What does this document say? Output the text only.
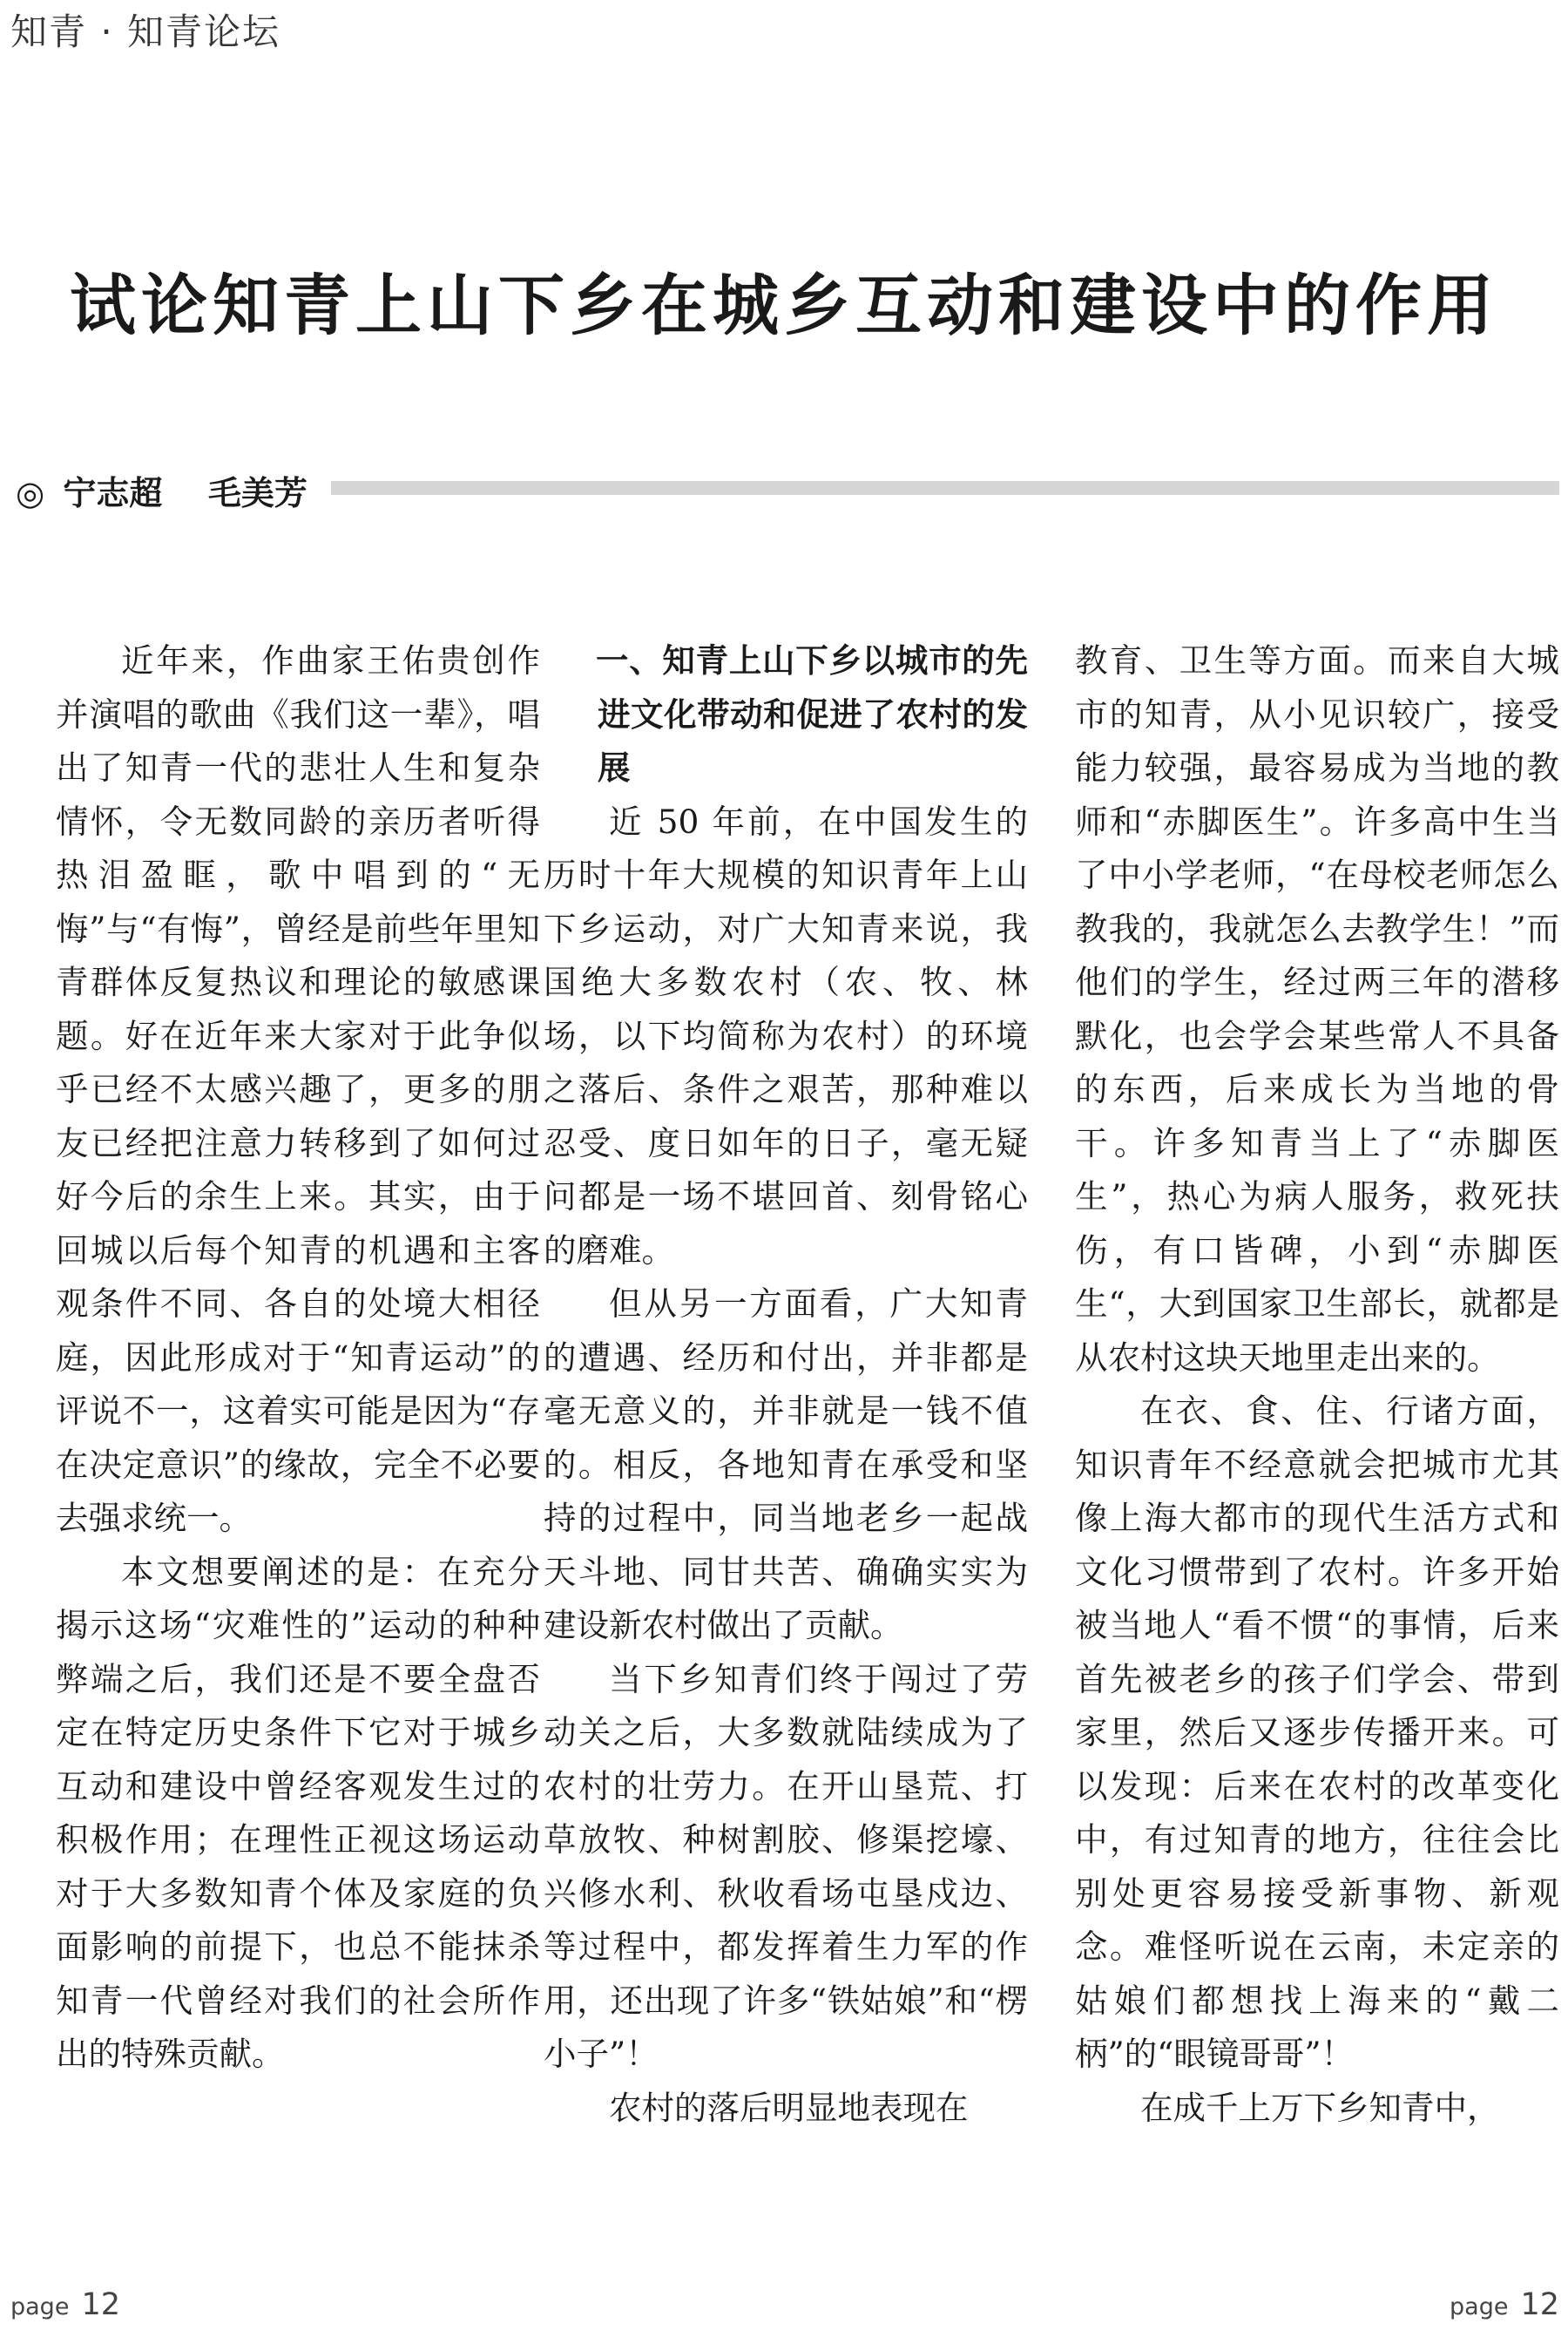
知青 · 知青论坛
试论知青上山下乡在城乡互动和建设中的作用
◎ 宁志超 毛美芳

近年来，作曲家王佑贵创作并演唱的歌曲《我们这一辈》，唱出了知青一代的悲壮人生和复杂情怀，令无数同龄的亲历者听得热泪盈眶，歌中唱到的“无悔”与“有悔”，曾经是前些年里知青群体反复热议和理论的敏感课题。好在近年来大家对于此争似乎已经不太感兴趣了，更多的朋友已经把注意力转移到了如何过好今后的余生上来。其实，由于回城以后每个知青的机遇和主客观条件不同、各自的处境大相径庭，因此形成对于“知青运动”的评说不一，这着实可能是因为“存在决定意识”的缘故，完全不必要去强求统一。

本文想要阐述的是：在充分揭示这场“灾难性的”运动的种种弊端之后，我们还是不要全盘否定在特定历史条件下它对于城乡互动和建设中曾经客观发生过的积极作用；在理性正视这场运动对于大多数知青个体及家庭的负面影响的前提下，也总不能抹杀知青一代曾经对我们的社会所作出的特殊贡献。

一、知青上山下乡以城市的先进文化带动和促进了农村的发展

近 50 年前，在中国发生的历时十年大规模的知识青年上山下乡运动，对广大知青来说，我国绝大多数农村（农、牧、林场，以下均简称为农村）的环境之落后、条件之艰苦，那种难以忍受、度日如年的日子，毫无疑问都是一场不堪回首、刻骨铭心的磨难。

但从另一方面看，广大知青的遭遇、经历和付出，并非都是毫无意义的，并非就是一钱不值的。相反，各地知青在承受和坚持的过程中，同当地老乡一起战天斗地、同甘共苦、确确实实为建设新农村做出了贡献。

当下乡知青们终于闯过了劳动关之后，大多数就陆续成为了农村的壮劳力。在开山垦荒、打草放牧、种树割胶、修渠挖壕、兴修水利、秋收看场屯垦戍边、等过程中，都发挥着生力军的作用，还出现了许多“铁姑娘”和“楞小子”！

农村的落后明显地表现在

教育、卫生等方面。而来自大城市的知青，从小见识较广，接受能力较强，最容易成为当地的教师和“赤脚医生”。许多高中生当了中小学老师，“在母校老师怎么教我的，我就怎么去教学生！”而他们的学生，经过两三年的潜移默化，也会学会某些常人不具备的东西，后来成长为当地的骨干。许多知青当上了“赤脚医生”，热心为病人服务，救死扶伤，有口皆碑，小到“赤脚医生“，大到国家卫生部长，就都是从农村这块天地里走出来的。

在衣、食、住、行诸方面，知识青年不经意就会把城市尤其像上海大都市的现代生活方式和文化习惯带到了农村。许多开始被当地人“看不惯“的事情，后来首先被老乡的孩子们学会、带到家里，然后又逐步传播开来。可以发现：后来在农村的改革变化中，有过知青的地方，往往会比别处更容易接受新事物、新观念。难怪听说在云南，未定亲的姑娘们都想找上海来的“戴二柄”的“眼镜哥哥”！

在成千上万下乡知青中，

page 12	page 12
